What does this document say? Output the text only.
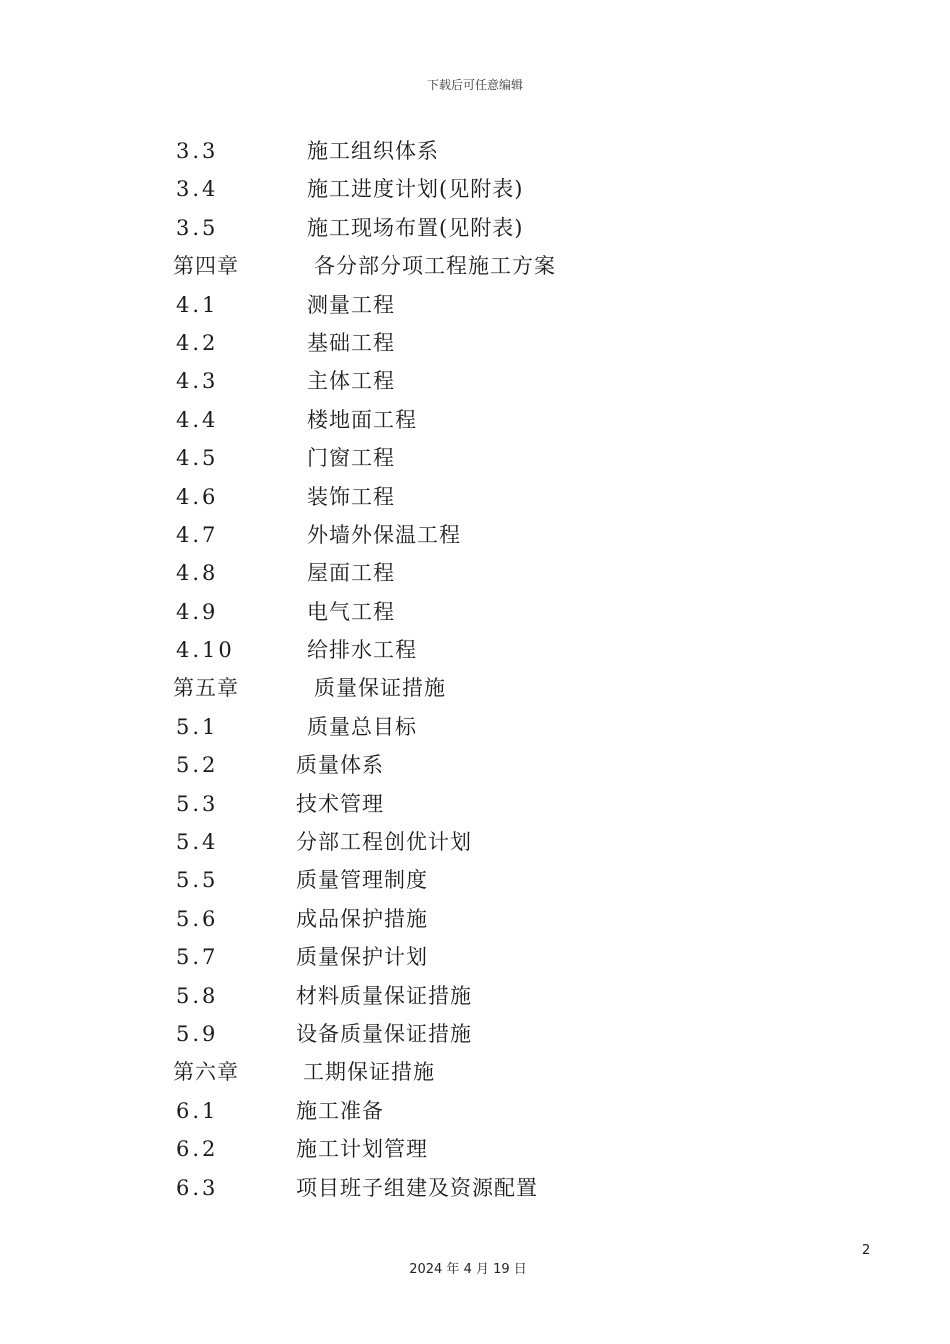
下载后可任意编辑
3.3	施工组织体系
3.4	施工进度计划(见附表)
3.5	施工现场布置(见附表)
第四章	各分部分项工程施工方案
4.1	测量工程
4.2	基础工程
4.3	主体工程
4.4	楼地面工程
4.5	门窗工程
4.6	装饰工程
4.7	外墙外保温工程
4.8	屋面工程
4.9	电气工程
4.10	给排水工程
第五章	质量保证措施
5.1	质量总目标
5.2	质量体系
5.3	技术管理
5.4	分部工程创优计划
5.5	质量管理制度
5.6	成品保护措施
5.7	质量保护计划
5.8	材料质量保证措施
5.9	设备质量保证措施
第六章	工期保证措施
6.1	施工准备
6.2	施工计划管理
6.3	项目班子组建及资源配置
2
2024 年 4 月 19 日
